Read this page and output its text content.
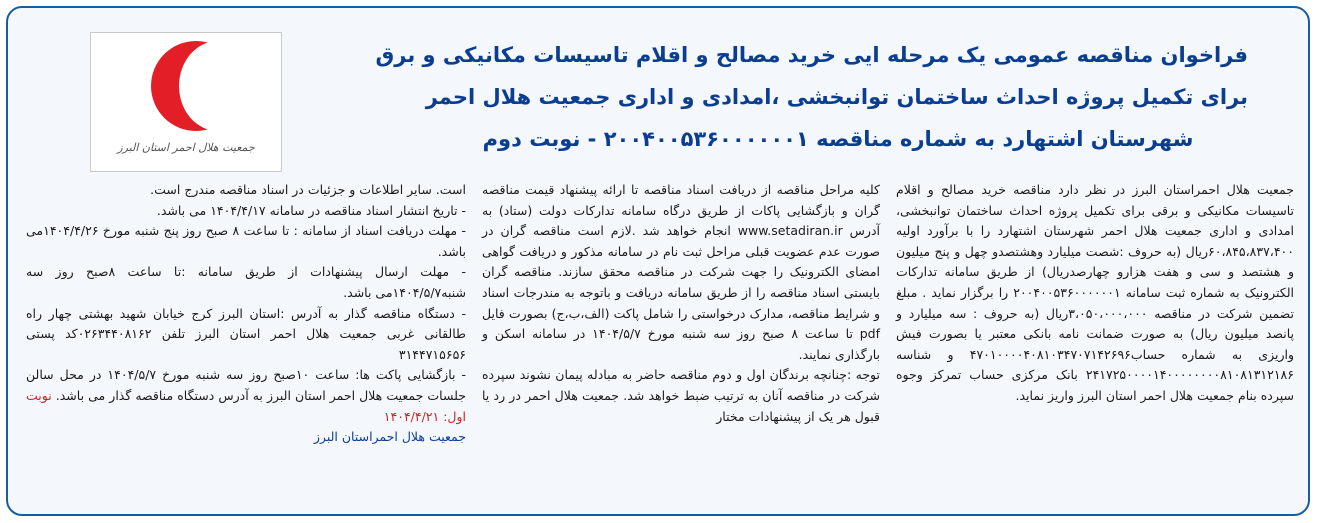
فراخوان مناقصه عمومی یک مرحله ایی خرید مصالح و اقلام تاسیسات مکانیکی و برق
برای تکمیل پروژه احداث ساختمان توانبخشی ،امدادی و اداری جمعیت هلال احمر
شهرستان اشتهارد به شماره مناقصه ۲۰۰۴۰۰۵۳۶۰۰۰۰۰۰۱ - نوبت دوم
جمعیت هلال احمر استان البرز

جمعیت هلال احمراستان البرز در نظر دارد مناقصه خرید مصالح و اقلام تاسیسات مکانیکی و برقی برای تکمیل پروژه احداث ساختمان توانبخشی، امدادی و اداری جمعیت هلال احمر شهرستان اشتهارد را با برآورد اولیه ۶۰،۸۴۵،۸۳۷،۴۰۰ریال (به حروف :شصت میلیارد وهشتصدو چهل و پنج میلیون و هشتصد و سی و هفت هزارو چهارصدریال) از طریق سامانه تدارکات الکترونیک به شماره ثبت سامانه ۲۰۰۴۰۰۵۳۶۰۰۰۰۰۰۱ را برگزار نماید . مبلغ تضمین شرکت در مناقصه ۳،۰۵۰،۰۰۰،۰۰۰ریال (به حروف : سه میلیارد و پانصد میلیون ریال) به صورت ضمانت نامه بانکی معتبر یا بصورت فیش واریزی به شماره حساب۴۷۰۱۰۰۰۰۴۰۸۱۰۳۴۷۰۷۱۴۲۶۹۶ و شناسه ۲۴۱۷۲۵۰۰۰۰۱۴۰۰۰۰۰۰۰۰۸۱۰۸۱۳۱۲۱۸۶ بانک مرکزی حساب تمرکز وجوه سپرده بنام جمعیت هلال احمر استان البرز واریز نماید.

کلیه مراحل مناقصه از دریافت اسناد مناقصه تا ارائه پیشنهاد قیمت مناقصه گران و بازگشایی پاکات از طریق درگاه سامانه تدارکات دولت (ستاد) به آدرس www.setadiran.ir انجام خواهد شد .لازم است مناقصه گران در صورت عدم عضویت قبلی مراحل ثبت نام در سامانه مذکور و دریافت گواهی امضای الکترونیک را جهت شرکت در مناقصه محقق سازند. مناقصه گران بایستی اسناد مناقصه را از طریق سامانه دریافت و باتوجه به مندرجات اسناد و شرایط مناقصه، مدارک درخواستی را شامل پاکت (الف،ب،ج) بصورت فایل pdf تا ساعت ۸ صبح روز سه شنبه مورخ ۱۴۰۴/۵/۷ در سامانه اسکن و بارگذاری نمایند.

توجه :چنانچه برندگان اول و دوم مناقصه حاضر به مبادله پیمان نشوند سپرده شرکت در مناقصه آنان به ترتیب ضبط خواهد شد. جمعیت هلال احمر در رد یا قبول هر یک از پیشنهادات مختار

است. سایر اطلاعات و جزئیات در اسناد مناقصه مندرج است.

- تاریخ انتشار اسناد مناقصه در سامانه ۱۴۰۴/۴/۱۷ می باشد.

- مهلت دریافت اسناد از سامانه : تا ساعت ۸ صبح روز پنج شنبه مورخ ۱۴۰۴/۴/۲۶می باشد.

- مهلت ارسال پیشنهادات از طریق سامانه :تا ساعت ۸صبح روز سه شنبه۱۴۰۴/۵/۷می باشد.

- دستگاه مناقصه گذار به آدرس :استان البرز کرج خیابان شهید بهشتی چهار راه طالقانی غربی جمعیت هلال احمر استان البرز تلفن ۰۲۶۳۴۴۰۸۱۶۲کد پستی ۳۱۴۴۷۱۵۶۵۶

- بازگشایی پاکت ها: ساعت ۱۰صبح روز سه شنبه مورخ ۱۴۰۴/۵/۷ در محل سالن جلسات جمعیت هلال احمر استان البرز به آدرس دستگاه مناقصه گذار می باشد. نوبت اول: ۱۴۰۴/۴/۲۱

جمعیت هلال احمراستان البرز
